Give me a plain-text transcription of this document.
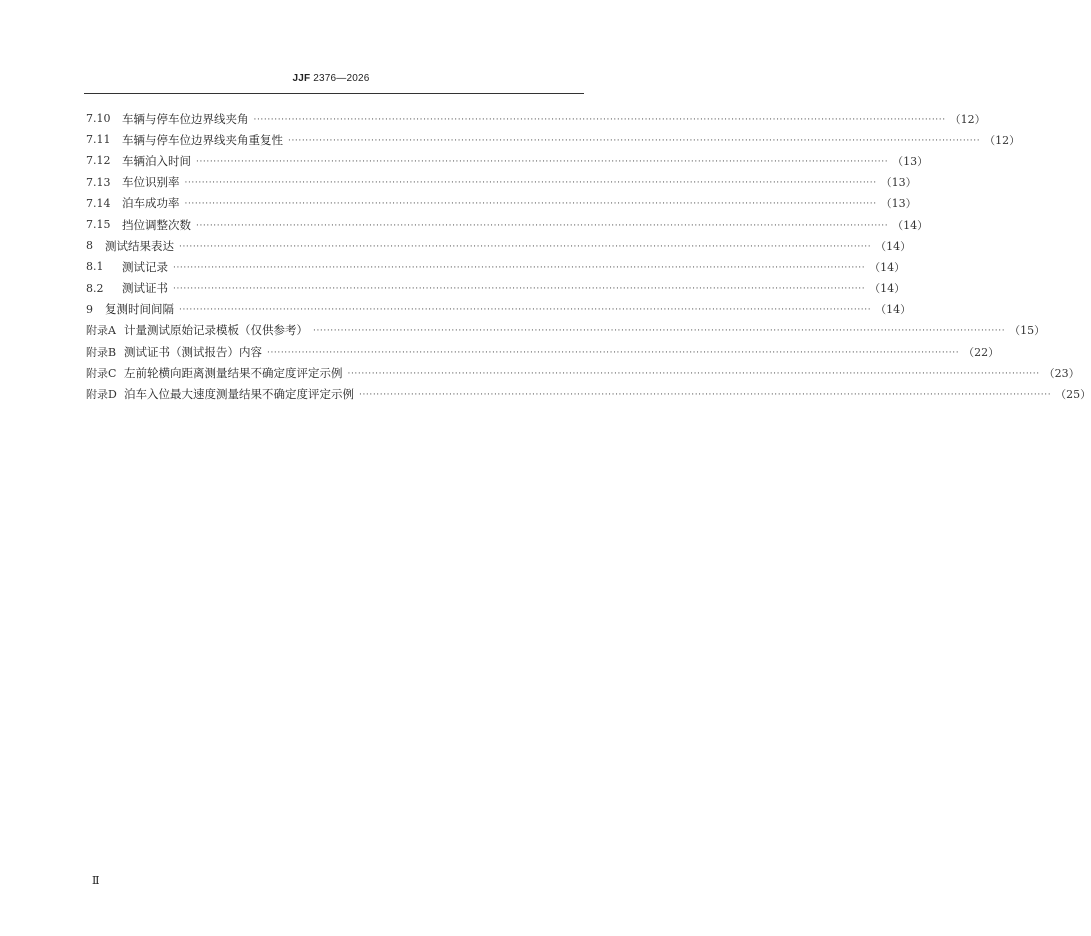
JJF 2376—2026
7.10	车辆与停车位边界线夹角 ········································································································································································································ （12）
7.11	车辆与停车位边界线夹角重复性 ········································································································································································································ （12）
7.12	车辆泊入时间 ········································································································································································································ （13）
7.13	车位识别率 ········································································································································································································ （13）
7.14	泊车成功率 ········································································································································································································ （13）
7.15	挡位调整次数 ········································································································································································································ （14）
8	测试结果表达 ········································································································································································································ （14）
8.1	测试记录 ········································································································································································································ （14）
8.2	测试证书 ········································································································································································································ （14）
9	复测时间间隔 ········································································································································································································ （14）
附录A 计量测试原始记录模板（仅供参考） ········································································································································································································ （15）
附录B 测试证书（测试报告）内容 ········································································································································································································ （22）
附录C 左前轮横向距离测量结果不确定度评定示例 ········································································································································································································ （23）
附录D 泊车入位最大速度测量结果不确定度评定示例 ········································································································································································································ （25）
Ⅱ
